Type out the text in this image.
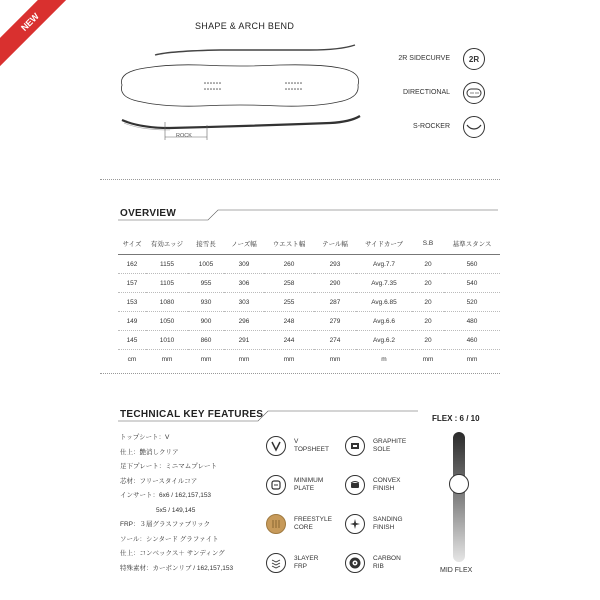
NEW	SHAPE & ARCH BEND
ROCK
2R SIDECURVE 2R
DIRECTIONAL
S-ROCKER
OVERVIEW
サイズ	有効エッジ	接雪長	ノーズ幅	ウエスト幅	テール幅	サイドカーブ	S.B	基準スタンス
162	1155	1005	309	260	293	Avg.7.7	20	560
157	1105	955	306	258	290	Avg.7.35	20	540
153	1080	930	303	255	287	Avg.6.85	20	520
149	1050	900	296	248	279	Avg.6.6	20	480
145	1010	860	291	244	274	Avg.6.2	20	460
cm	mm	mm	mm	mm	mm	m	mm	mm
TECHNICAL KEY FEATURES
トップシート：V
仕上：艶消しクリア
足下プレート：ミニマムプレート
芯材：フリースタイルコア
インサート：6x6 / 162,157,153
5x5 / 149,145
FRP：３層グラスファブリック
ソール：シンタード グラファイト
仕上：コンベックス＋ サンディング
特殊素材：カーボンリブ / 162,157,153
V
TOPSHEET
MINIMUM
PLATE
FREESTYLE
CORE
3LAYER
FRP
GRAPHITE
SOLE
CONVEX
FINISH
SANDING
FINISH
CARBON
RIB
FLEX : 6 / 10
MID FLEX
